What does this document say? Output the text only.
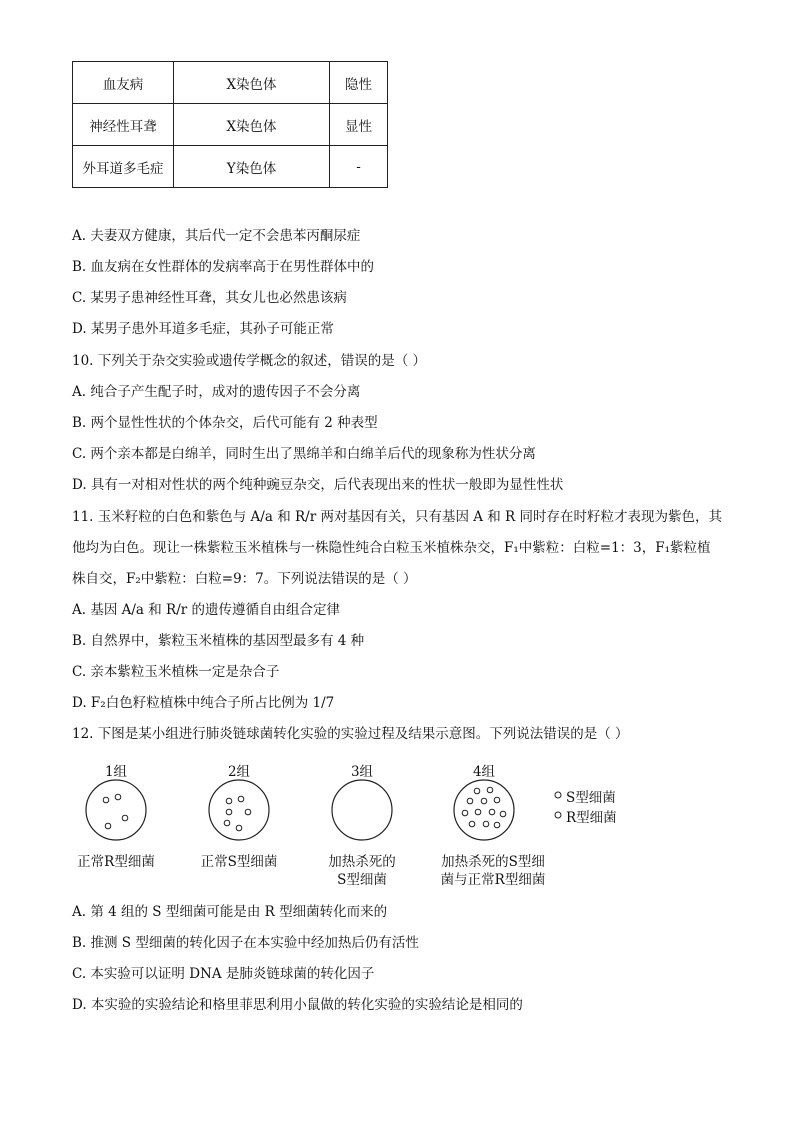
血友病	X染色体	隐性
神经性耳聋	X染色体	显性
外耳道多毛症	Y染色体	-
A. 夫妻双方健康，其后代一定不会患苯丙酮尿症
B. 血友病在女性群体的发病率高于在男性群体中的
C. 某男子患神经性耳聋，其女儿也必然患该病
D. 某男子患外耳道多毛症，其孙子可能正常
10. 下列关于杂交实验或遗传学概念的叙述，错误的是（ ）
A. 纯合子产生配子时，成对的遗传因子不会分离
B. 两个显性性状的个体杂交，后代可能有 2 种表型
C. 两个亲本都是白绵羊，同时生出了黑绵羊和白绵羊后代的现象称为性状分离
D. 具有一对相对性状的两个纯种豌豆杂交，后代表现出来的性状一般即为显性性状
11. 玉米籽粒的白色和紫色与 A/a 和 R/r 两对基因有关，只有基因 A 和 R 同时存在时籽粒才表现为紫色，其
他均为白色。现让一株紫粒玉米植株与一株隐性纯合白粒玉米植株杂交，F₁中紫粒：白粒=1：3，F₁紫粒植
株自交，F₂中紫粒：白粒=9：7。下列说法错误的是（ ）
A. 基因 A/a 和 R/r 的遗传遵循自由组合定律
B. 自然界中，紫粒玉米植株的基因型最多有 4 种
C. 亲本紫粒玉米植株一定是杂合子
D. F₂白色籽粒植株中纯合子所占比例为 1/7
12. 下图是某小组进行肺炎链球菌转化实验的实验过程及结果示意图。下列说法错误的是（ ）
1组	2组	3组	4组
S型细菌
R型细菌
正常R型细菌	正常S型细菌	加热杀死的
S型细菌
加热杀死的S型细
菌与正常R型细菌
A. 第 4 组的 S 型细菌可能是由 R 型细菌转化而来的
B. 推测 S 型细菌的转化因子在本实验中经加热后仍有活性
C. 本实验可以证明 DNA 是肺炎链球菌的转化因子
D. 本实验的实验结论和格里菲思利用小鼠做的转化实验的实验结论是相同的
